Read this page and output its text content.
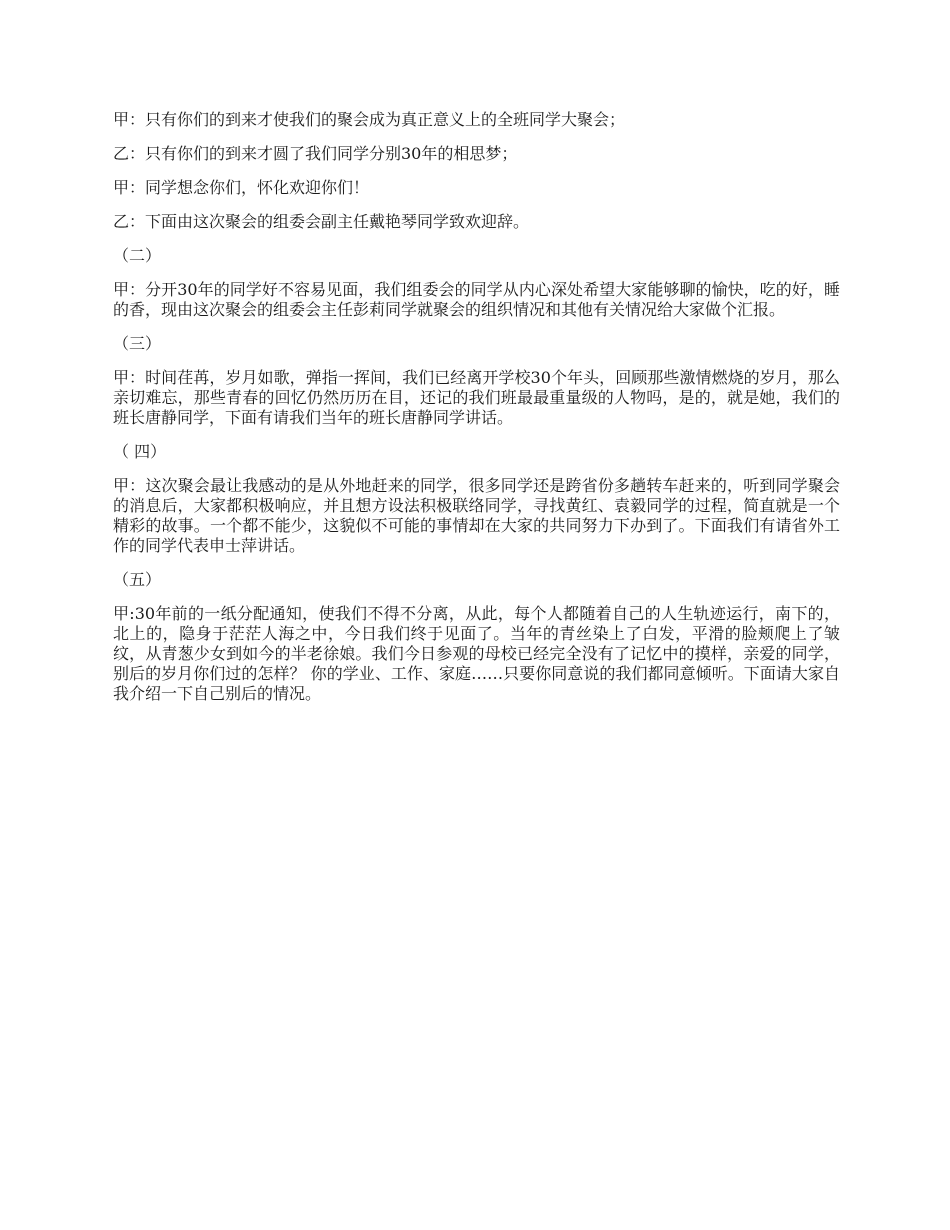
甲：只有你们的到来才使我们的聚会成为真正意义上的全班同学大聚会；

乙：只有你们的到来才圆了我们同学分别30年的相思梦；

甲：同学想念你们，怀化欢迎你们！

乙：下面由这次聚会的组委会副主任戴艳琴同学致欢迎辞。

（二）

甲：分开30年的同学好不容易见面，我们组委会的同学从内心深处希望大家能够聊的愉快，吃的好，睡的香，现由这次聚会的组委会主任彭莉同学就聚会的组织情况和其他有关情况给大家做个汇报。

（三）

甲：时间荏苒，岁月如歌，弹指一挥间，我们已经离开学校30个年头，回顾那些激情燃烧的岁月，那么亲切难忘，那些青春的回忆仍然历历在目，还记的我们班最最重量级的人物吗，是的，就是她，我们的班长唐静同学，下面有请我们当年的班长唐静同学讲话。

（ 四）

甲：这次聚会最让我感动的是从外地赶来的同学，很多同学还是跨省份多趟转车赶来的，听到同学聚会的消息后，大家都积极响应，并且想方设法积极联络同学，寻找黄红、袁毅同学的过程，简直就是一个精彩的故事。一个都不能少，这貌似不可能的事情却在大家的共同努力下办到了。下面我们有请省外工作的同学代表申士萍讲话。

（五）

甲:30年前的一纸分配通知，使我们不得不分离，从此，每个人都随着自己的人生轨迹运行，南下的，北上的，隐身于茫茫人海之中，今日我们终于见面了。当年的青丝染上了白发，平滑的脸颊爬上了皱纹，从青葱少女到如今的半老徐娘。我们今日参观的母校已经完全没有了记忆中的摸样，亲爱的同学，别后的岁月你们过的怎样？ 你的学业、工作、家庭……只要你同意说的我们都同意倾听。下面请大家自我介绍一下自己别后的情况。
